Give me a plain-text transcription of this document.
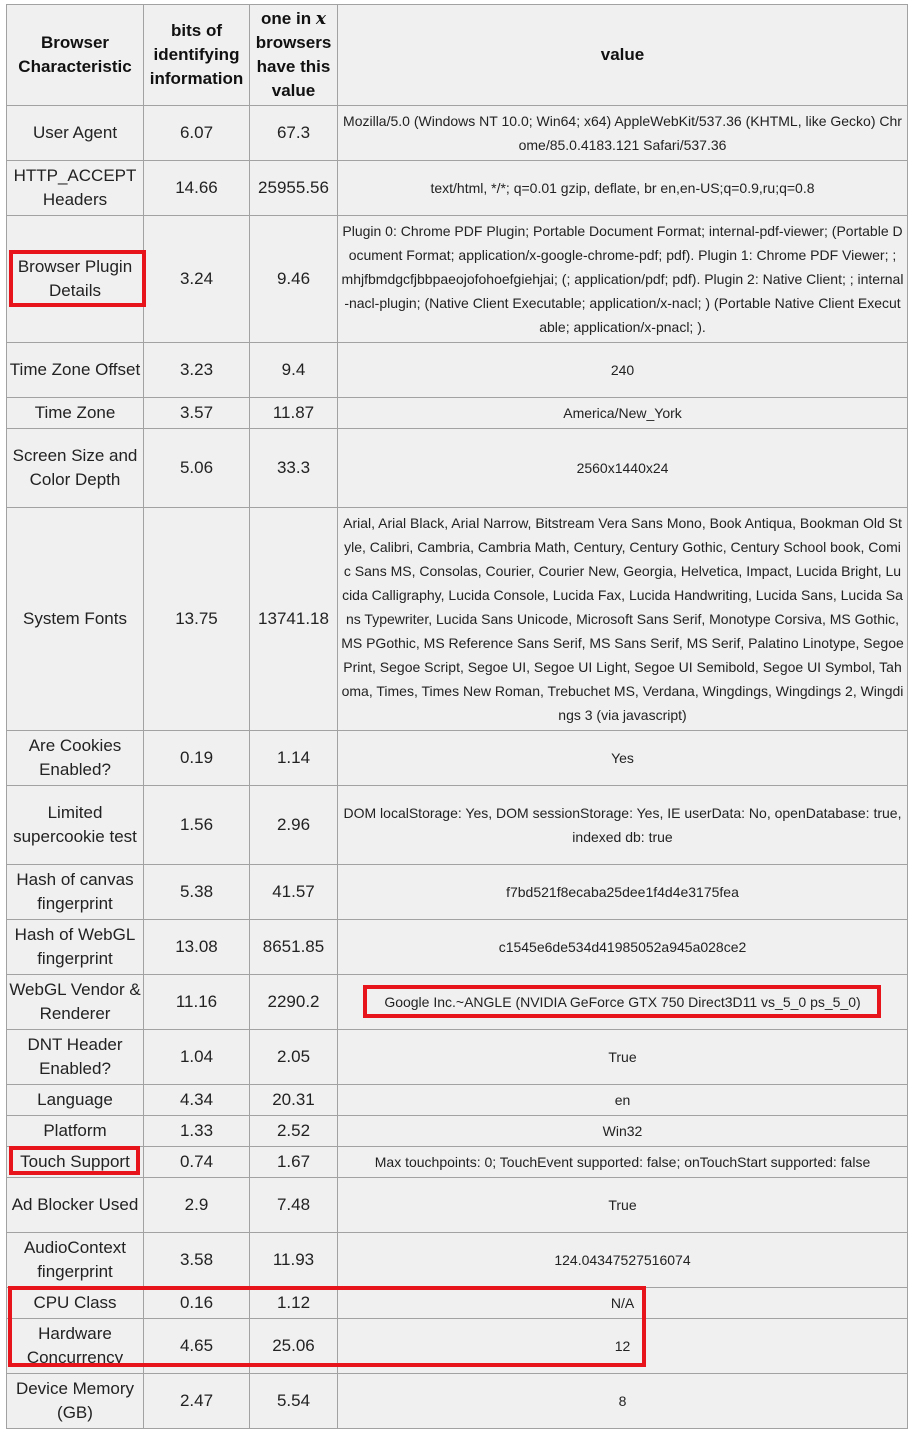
Browser Characteristic	bits of identifying information	one in x browsers have this value	value
User Agent	6.07	67.3	Mozilla/5.0 (Windows NT 10.0; Win64; x64) AppleWebKit/537.36 (KHTML, like Gecko) Chrome/85.0.4183.121 Safari/537.36
HTTP_ACCEPT Headers	14.66	25955.56	text/html, */*; q=0.01 gzip, deflate, br en,en-US;q=0.9,ru;q=0.8
Browser Plugin Details	3.24	9.46	Plugin 0: Chrome PDF Plugin; Portable Document Format; internal-pdf-viewer; (Portable Document Format; application/x-google-chrome-pdf; pdf). Plugin 1: Chrome PDF Viewer; ; mhjfbmdgcfjbbpaeojofohoefgiehjai; (; application/pdf; pdf). Plugin 2: Native Client; ; internal-nacl-plugin; (Native Client Executable; application/x-nacl; ) (Portable Native Client Executable; application/x-pnacl; ).
Time Zone Offset	3.23	9.4	240
Time Zone	3.57	11.87	America/New_York
Screen Size and Color Depth	5.06	33.3	2560x1440x24
System Fonts	13.75	13741.18	Arial, Arial Black, Arial Narrow, Bitstream Vera Sans Mono, Book Antiqua, Bookman Old Style, Calibri, Cambria, Cambria Math, Century, Century Gothic, Century School book, Comic Sans MS, Consolas, Courier, Courier New, Georgia, Helvetica, Impact, Lucida Bright, Lucida Calligraphy, Lucida Console, Lucida Fax, Lucida Handwriting, Lucida Sans, Lucida Sans Typewriter, Lucida Sans Unicode, Microsoft Sans Serif, Monotype Corsiva, MS Gothic, MS PGothic, MS Reference Sans Serif, MS Sans Serif, MS Serif, Palatino Linotype, Segoe Print, Segoe Script, Segoe UI, Segoe UI Light, Segoe UI Semibold, Segoe UI Symbol, Tahoma, Times, Times New Roman, Trebuchet MS, Verdana, Wingdings, Wingdings 2, Wingdings 3 (via javascript)
Are Cookies Enabled?	0.19	1.14	Yes
Limited supercookie test	1.56	2.96	DOM localStorage: Yes, DOM sessionStorage: Yes, IE userData: No, openDatabase: true, indexed db: true
Hash of canvas fingerprint	5.38	41.57	f7bd521f8ecaba25dee1f4d4e3175fea
Hash of WebGL fingerprint	13.08	8651.85	c1545e6de534d41985052a945a028ce2
WebGL Vendor & Renderer	11.16	2290.2	Google Inc.~ANGLE (NVIDIA GeForce GTX 750 Direct3D11 vs_5_0 ps_5_0)
DNT Header Enabled?	1.04	2.05	True
Language	4.34	20.31	en
Platform	1.33	2.52	Win32
Touch Support	0.74	1.67	Max touchpoints: 0; TouchEvent supported: false; onTouchStart supported: false
Ad Blocker Used	2.9	7.48	True
AudioContext fingerprint	3.58	11.93	124.04347527516074
CPU Class	0.16	1.12	N/A
Hardware Concurrency	4.65	25.06	12
Device Memory (GB)	2.47	5.54	8
